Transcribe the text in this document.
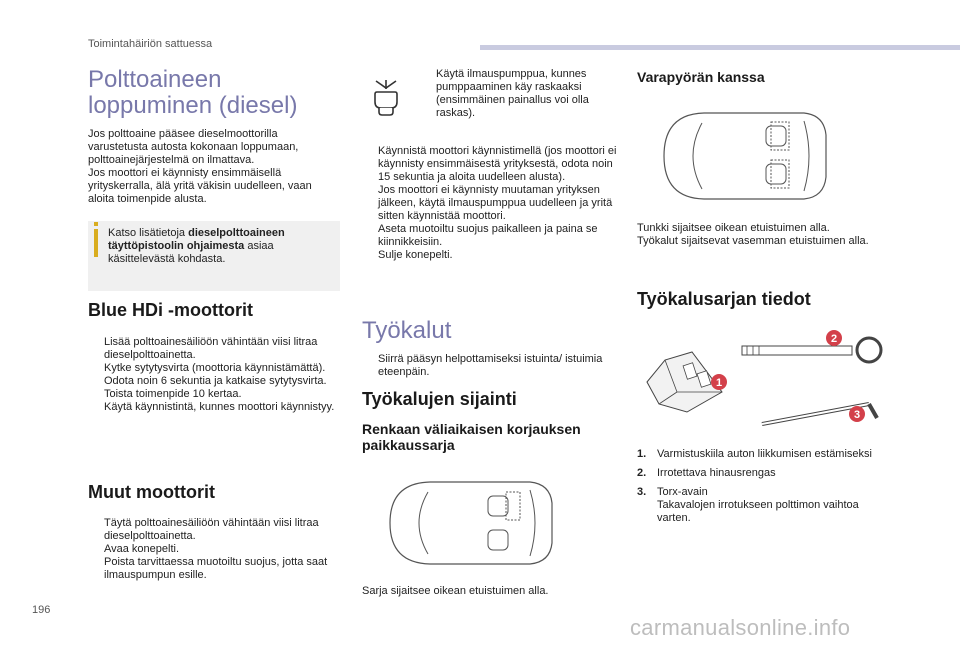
Toimintahäiriön sattuessa
Polttoaineen loppuminen (diesel)
Jos polttoaine pääsee dieselmoottorilla
varustetusta autosta kokonaan loppumaan,
polttoainejärjestelmä on ilmattava.
Jos moottori ei käynnisty ensimmäisellä
yrityskerralla, älä yritä väkisin uudelleen, vaan
aloita toimenpide alusta.
Katso lisätietoja dieselpolttoaineen täyttöpistoolin ohjaimesta asiaa käsittelevästä kohdasta.
Blue HDi -moottorit
Lisää polttoainesäiliöön vähintään viisi litraa dieselpolttoainetta.
Kytke sytytysvirta (moottoria käynnistämättä).
Odota noin 6 sekuntia ja katkaise sytytysvirta.
Toista toimenpide 10 kertaa.
Käytä käynnistintä, kunnes moottori käynnistyy.
Muut moottorit
Täytä polttoainesäiliöön vähintään viisi litraa dieselpolttoainetta.
Avaa konepelti.
Poista tarvittaessa muotoiltu suojus, jotta saat ilmauspumpun esille.
Käytä ilmauspumppua, kunnes pumppaaminen käy raskaaksi (ensimmäinen painallus voi olla raskas).
Käynnistä moottori käynnistimellä (jos moottori ei käynnisty ensimmäisestä yrityksestä, odota noin 15 sekuntia ja aloita uudelleen alusta).
Jos moottori ei käynnisty muutaman yrityksen jälkeen, käytä ilmauspumppua uudelleen ja yritä sitten käynnistää moottori.
Aseta muotoiltu suojus paikalleen ja paina se kiinnikkeisiin.
Sulje konepelti.
Työkalut
Siirrä pääsyn helpottamiseksi istuinta/ istuimia eteenpäin.
Työkalujen sijainti
Renkaan väliaikaisen korjauksen paikkaussarja
Sarja sijaitsee oikean etuistuimen alla.
Varapyörän kanssa
Tunkki sijaitsee oikean etuistuimen alla.
Työkalut sijaitsevat vasemman etuistuimen alla.
Työkalusarjan tiedot
1
2
3
1. Varmistuskiila auton liikkumisen estämiseksi
2. Irrotettava hinausrengas
3. Torx-avain
Takavalojen irrotukseen polttimon vaihtoa varten.
196
carmanualsonline.info
